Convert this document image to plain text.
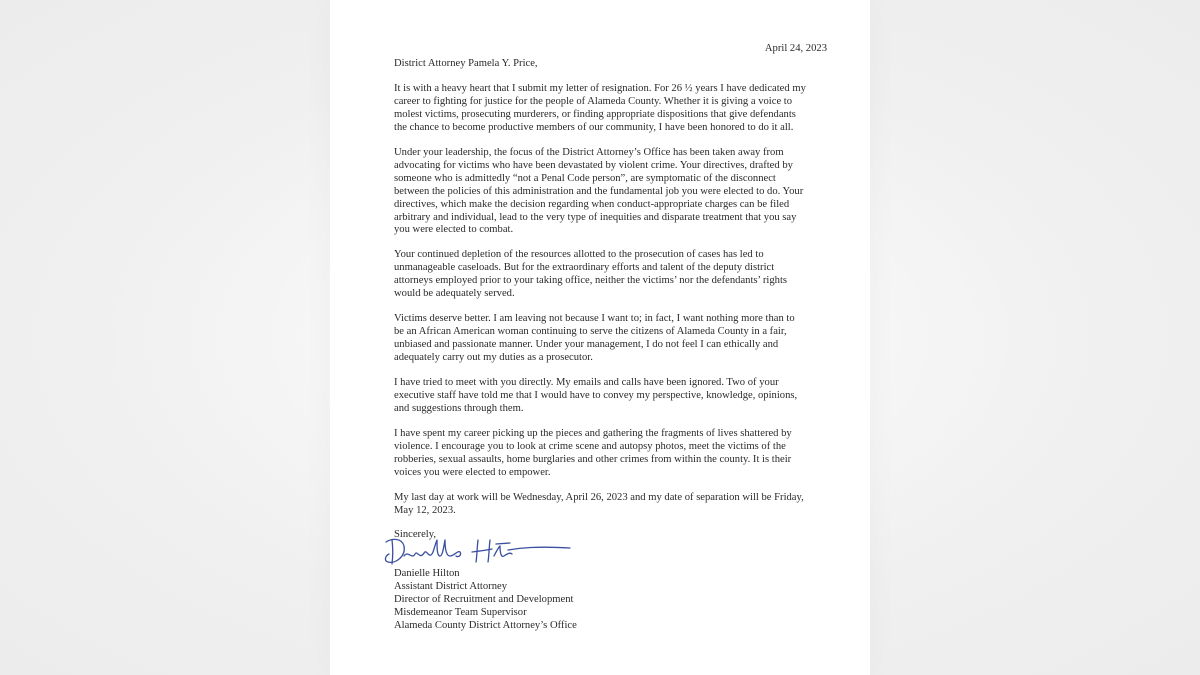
April 24, 2023
District Attorney Pamela Y. Price,

It is with a heavy heart that I submit my letter of resignation. For 26 ½ years I have dedicated my
career to fighting for justice for the people of Alameda County. Whether it is giving a voice to
molest victims, prosecuting murderers, or finding appropriate dispositions that give defendants
the chance to become productive members of our community, I have been honored to do it all.

Under your leadership, the focus of the District Attorney’s Office has been taken away from
advocating for victims who have been devastated by violent crime. Your directives, drafted by
someone who is admittedly “not a Penal Code person”, are symptomatic of the disconnect
between the policies of this administration and the fundamental job you were elected to do. Your
directives, which make the decision regarding when conduct-appropriate charges can be filed
arbitrary and individual, lead to the very type of inequities and disparate treatment that you say
you were elected to combat.

Your continued depletion of the resources allotted to the prosecution of cases has led to
unmanageable caseloads. But for the extraordinary efforts and talent of the deputy district
attorneys employed prior to your taking office, neither the victims’ nor the defendants’ rights
would be adequately served.

Victims deserve better. I am leaving not because I want to; in fact, I want nothing more than to
be an African American woman continuing to serve the citizens of Alameda County in a fair,
unbiased and passionate manner. Under your management, I do not feel I can ethically and
adequately carry out my duties as a prosecutor.

I have tried to meet with you directly. My emails and calls have been ignored. Two of your
executive staff have told me that I would have to convey my perspective, knowledge, opinions,
and suggestions through them.

I have spent my career picking up the pieces and gathering the fragments of lives shattered by
violence. I encourage you to look at crime scene and autopsy photos, meet the victims of the
robberies, sexual assaults, home burglaries and other crimes from within the county. It is their
voices you were elected to empower.

My last day at work will be Wednesday, April 26, 2023 and my date of separation will be Friday,
May 12, 2023.

Sincerely,
Danielle Hilton
Assistant District Attorney
Director of Recruitment and Development
Misdemeanor Team Supervisor
Alameda County District Attorney’s Office
